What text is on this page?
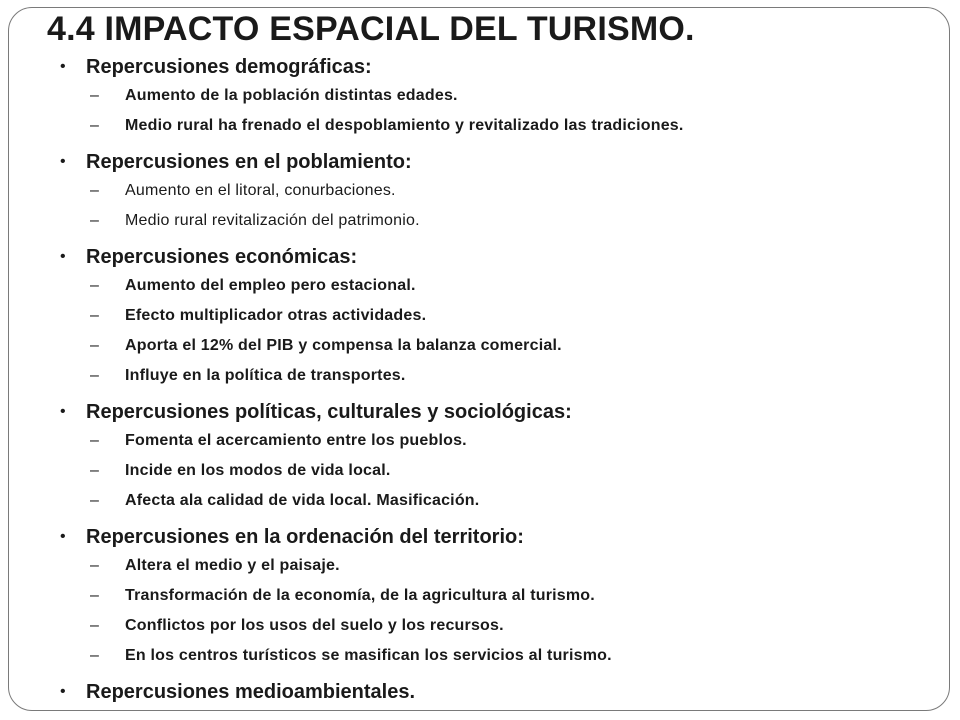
4.4 IMPACTO ESPACIAL DEL TURISMO.
• Repercusiones demográficas:
– Aumento de la población distintas edades.
– Medio rural ha frenado el despoblamiento y revitalizado las tradiciones.
• Repercusiones en el poblamiento:
– Aumento en el litoral, conurbaciones.
– Medio rural revitalización del patrimonio.
• Repercusiones económicas:
– Aumento del empleo pero estacional.
– Efecto multiplicador otras actividades.
– Aporta el 12% del PIB y compensa la balanza comercial.
– Influye en la política de transportes.
• Repercusiones políticas, culturales y sociológicas:
– Fomenta el acercamiento entre los pueblos.
– Incide en los modos de vida local.
– Afecta ala calidad de vida local. Masificación.
• Repercusiones en la ordenación del territorio:
– Altera el medio y el paisaje.
– Transformación de la economía, de la agricultura al turismo.
– Conflictos por los usos del suelo y los recursos.
– En los centros turísticos se masifican los servicios al turismo.
• Repercusiones medioambientales.
